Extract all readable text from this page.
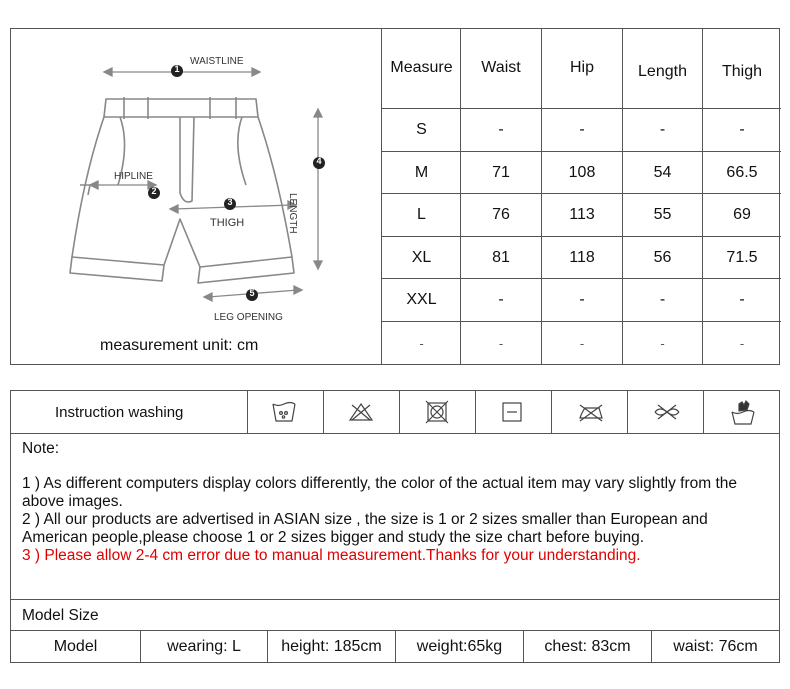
1
2
3
4
5
WAISTLINE
HIPLINE
THIGH	LENGTH
LEG OPENING
measurement unit: cm
Measure	Waist	Hip	Length	Thigh
S	-	-	-	-
M	71	108	54	66.5
L	76	113	55	69
XL	81	118	56	71.5
XXL	-	-	-	-
-	-	-	-	-
Instruction washing
Note:
1 ) As different computers display colors differently, the color of the actual item may vary slightly from the above images.
2 ) All our products are advertised in ASIAN size , the size is 1 or 2 sizes smaller than European and American people,please choose 1 or 2 sizes bigger and study the size chart before buying.
3 ) Please allow 2-4 cm error due to manual measurement.Thanks for your understanding.
Model Size
Model	wearing: L	height: 185cm	weight:65kg	chest: 83cm	waist: 76cm
